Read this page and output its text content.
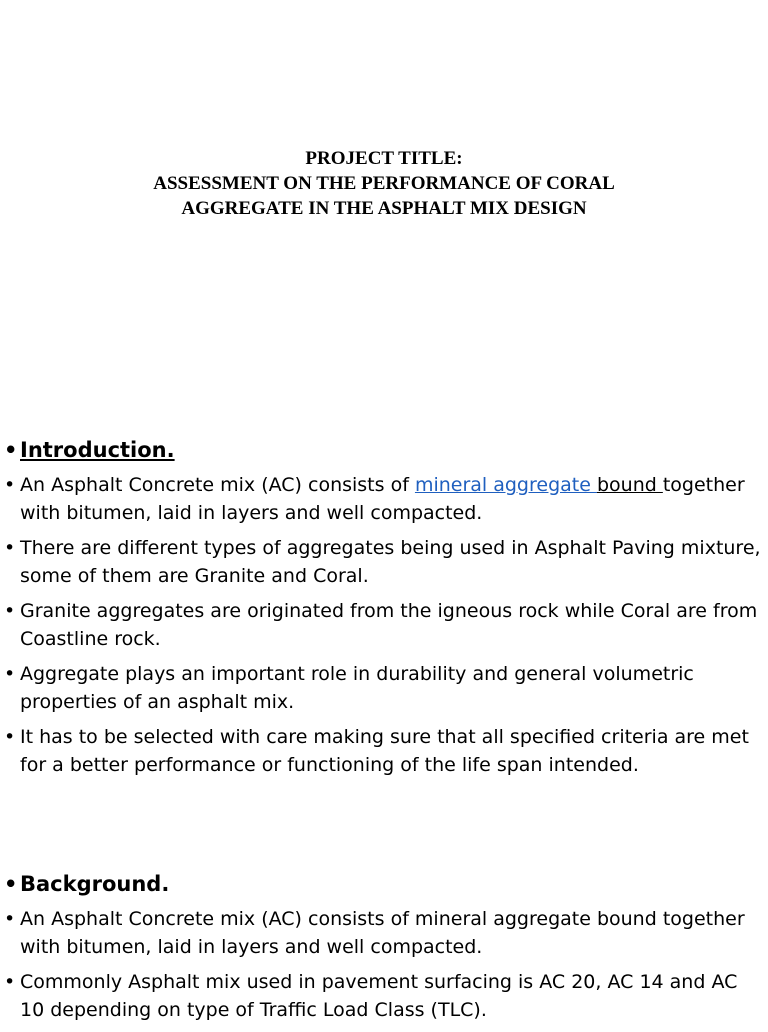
PROJECT TITLE:
ASSESSMENT ON THE PERFORMANCE OF CORAL
AGGREGATE IN THE ASPHALT MIX DESIGN
• Introduction.
• An Asphalt Concrete mix (AC) consists of mineral aggregate bound together with bitumen, laid in layers and well compacted.
• There are different types of aggregates being used in Asphalt Paving mixture, some of them are Granite and Coral.
• Granite aggregates are originated from the igneous rock while Coral are from Coastline rock.
• Aggregate plays an important role in durability and general volumetric properties of an asphalt mix.
• It has to be selected with care making sure that all specified criteria are met for a better performance or functioning of the life span intended.
• Background.
• An Asphalt Concrete mix (AC) consists of mineral aggregate bound together with bitumen, laid in layers and well compacted.
• Commonly Asphalt mix used in pavement surfacing is AC 20, AC 14 and AC 10 depending on type of Traffic Load Class (TLC).
